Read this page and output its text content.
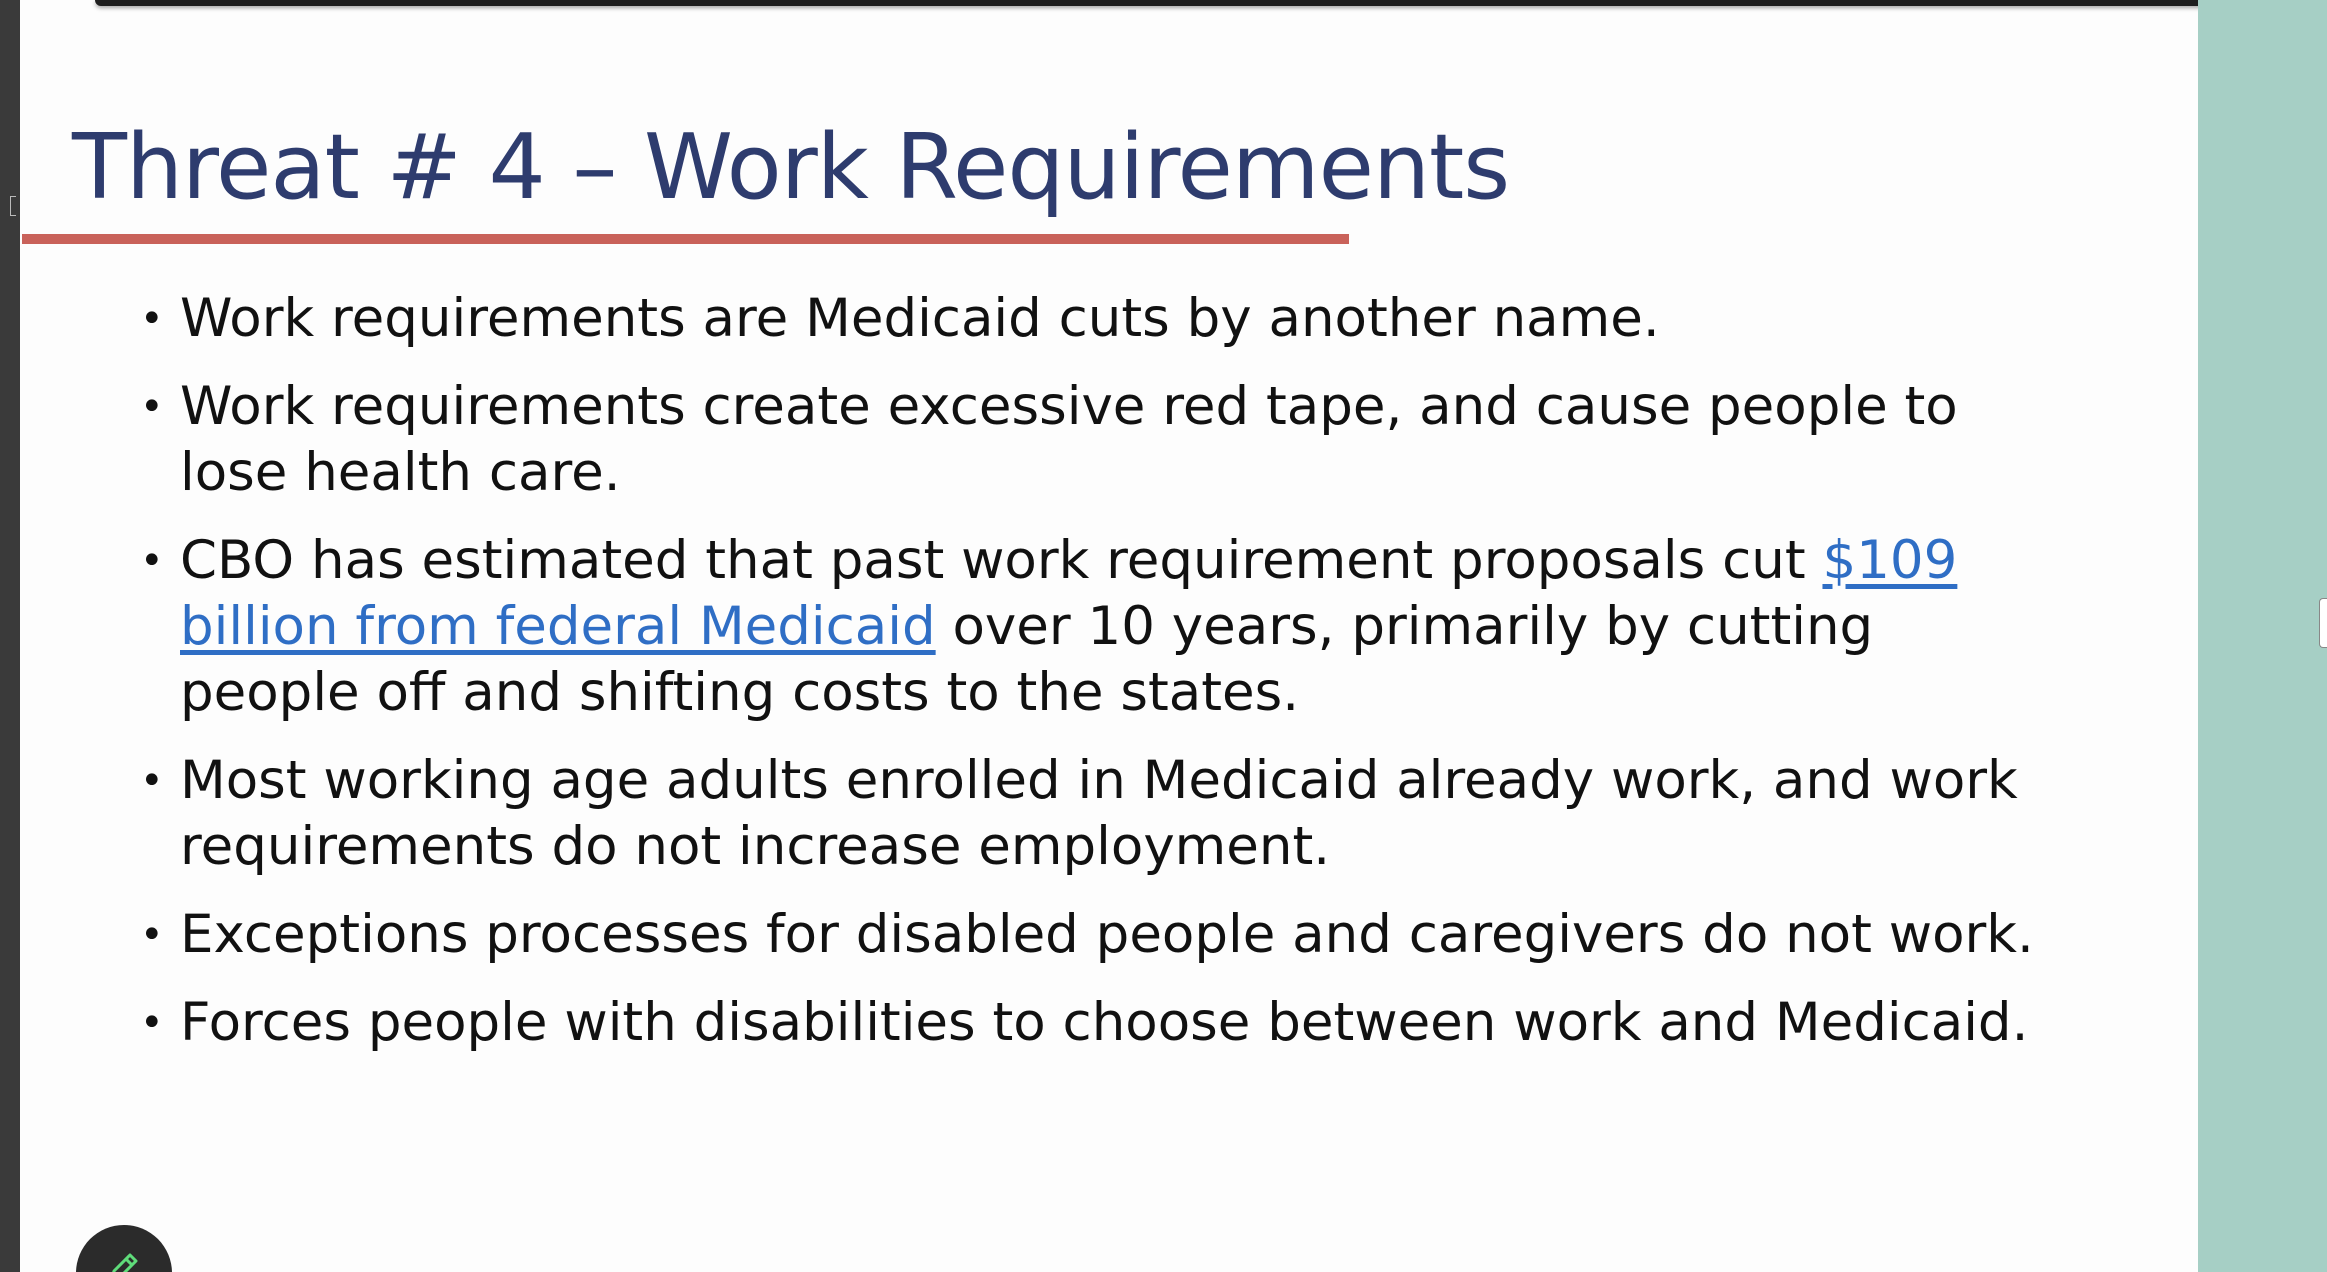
Threat # 4 – Work Requirements
• Work requirements are Medicaid cuts by another name.
• Work requirements create excessive red tape, and cause people to lose health care.
• CBO has estimated that past work requirement proposals cut $109 billion from federal Medicaid over 10 years, primarily by cutting people off and shifting costs to the states.
• Most working age adults enrolled in Medicaid already work, and work requirements do not increase employment.
• Exceptions processes for disabled people and caregivers do not work.
• Forces people with disabilities to choose between work and Medicaid.
